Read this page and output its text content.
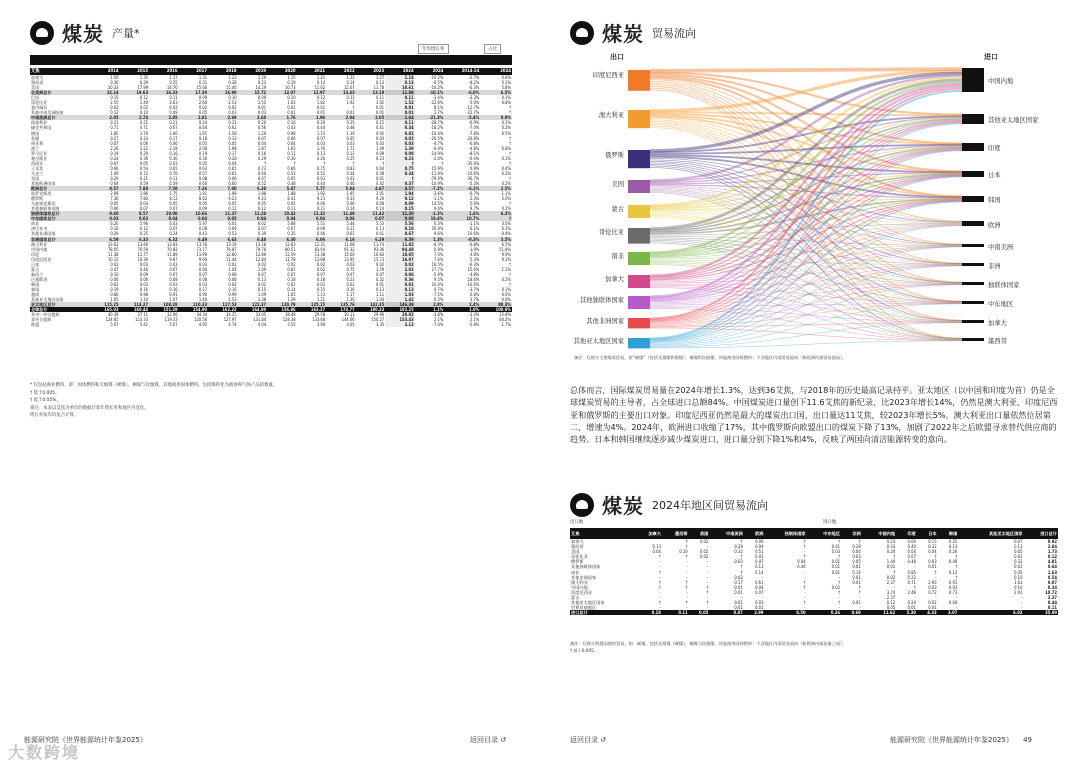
煤炭 产量*
年均增长率	占比
艾焦	2014	2015	2016	2017	2018	2019	2020	2021	2022	2023	2024	2024	2014-24	2024
加拿大	1.50	1.35	1.37	1.31	1.23	1.20	1.15	1.21	1.22	1.27	1.14	-10.2%	-2.7%	0.6%
墨西哥	0.30	0.29	0.25	0.31	0.28	0.23	0.19	0.14	0.14	0.13	0.13	-0.5%	-8.2%	0.1%
美国	20.33	17.99	14.70	15.66	15.40	14.29	10.73	11.62	12.07	11.78	10.61	-10.2%	-6.3%	5.8%
北美洲总计	22.14	19.63	16.33	17.30	16.90	15.72	12.07	12.97	13.43	13.18	11.88	-10.1%	-6.0%	6.5%
巴西	0.15	0.12	0.11	0.09	0.10	0.09	0.10	0.12	0.11	0.11	0.11	-3.4%	-3.3%	0.1%
哥伦比亚	2.55	2.49	2.63	2.64	2.53	2.55	1.63	1.82	1.92	1.92	1.52	-22.6%	-5.0%	0.8%
委内瑞拉	0.02	0.02	0.02	0.02	0.02	0.01	0.01	0.01	†	0.01	0.01	8.1%	-12.7%	†
其他中南美洲国家	0.12	0.10	0.09	0.05	0.03	0.03	0.01	0.01	0.01	0.01	0.01	2.7%	-22.7%	†
中南美洲总计	2.85	2.74	2.85	2.81	2.69	2.68	1.76	1.96	2.04	2.05	1.64	-21.3%	-5.4%	0.9%
保加利亚	0.21	0.25	0.21	0.24	0.21	0.20	0.16	0.20	0.25	0.15	0.11	-28.7%	-6.9%	0.1%
捷克共和国	0.71	0.71	0.67	0.64	0.62	0.56	0.43	0.44	0.48	0.41	0.34	-18.2%	-7.0%	0.2%
德国	1.85	1.79	1.66	1.65	1.58	1.29	0.98	1.15	1.19	0.92	0.82	-10.4%	-7.8%	0.5%
希腊	0.27	0.24	0.17	0.18	0.13	0.07	0.06	0.07	0.05	0.03	0.02	-20.5%	-20.8%	†
匈牙利	0.07	0.06	0.06	0.05	0.05	0.04	0.04	0.03	0.03	0.03	0.03	-4.7%	-6.8%	†
波兰	2.26	2.22	2.18	2.08	1.98	1.87	1.65	1.76	1.71	1.49	1.39	-6.9%	-4.8%	0.8%
罗马尼亚	0.19	0.20	0.16	0.19	0.17	0.16	0.11	0.13	0.12	0.09	0.08	-14.9%	-8.1%	†
塞尔维亚	0.24	0.30	0.30	0.30	0.28	0.29	0.30	0.26	0.25	0.23	0.23	-2.4%	-0.4%	0.1%
西班牙	0.07	0.05	0.03	0.05	0.04	†	†	†	†	†	†	†	-35.6%	†
土耳其	0.66	0.54	0.65	0.63	0.65	0.73	0.66	0.75	0.83	0.64	0.75	15.9%	0.9%	0.4%
乌克兰	1.09	0.72	0.76	0.57	0.61	0.60	0.53	0.52	0.34	0.38	0.34	-11.9%	-10.6%	0.2%
英国	0.29	0.21	0.11	0.08	0.06	0.07	0.05	0.03	0.01	0.01	†	-79.0%	-36.7%	†
其他欧洲国家	0.64	0.59	0.59	0.60	0.60	0.52	0.48	0.44	0.46	0.42	0.37	-10.9%	-5.3%	0.2%
欧洲总计	8.57	7.88	7.58	7.26	7.00	6.38	5.47	5.77	5.84	4.87	4.57	-7.2%	-6.1%	2.5%
哈萨克斯坦	2.09	1.86	1.75	1.91	1.98	1.88	1.88	1.92	1.95	2.01	1.94	-3.6%	-0.7%	1.1%
俄罗斯	7.30	7.80	8.12	8.62	9.23	9.23	8.41	9.23	9.33	9.20	9.12	-1.1%	2.3%	5.0%
乌兹别克斯坦	0.05	0.04	0.05	0.05	0.05	0.05	0.05	0.06	0.06	0.08	0.09	14.5%	5.6%	†
其他独联体国家	0.06	0.07	0.07	0.09	0.12	0.12	0.11	0.11	0.14	0.14	0.15	9.4%	9.7%	0.1%
独联体国家总计	9.60	9.57	10.00	10.66	11.37	11.28	10.42	11.32	11.49	11.42	11.30	-1.3%	1.6%	6.2%
中东国家总计	0.03	0.03	0.04	0.04	0.05	0.04	0.04	0.04	0.06	0.07	0.08	19.4%	10.7%	†
南非	6.20	5.96	6.03	5.97	6.01	6.02	5.88	5.51	5.44	5.53	5.56	0.3%	-1.1%	3.0%
津巴布韦	0.10	0.12	0.07	0.08	0.09	0.07	0.07	0.09	0.11	0.13	0.18	35.9%	6.1%	0.1%
其他非洲国家	0.29	0.25	0.24	0.43	0.53	0.39	0.35	0.46	0.61	0.61	0.67	9.6%	10.6%	0.4%
非洲国家总计	6.59	6.33	6.32	6.49	6.63	6.48	6.30	6.06	6.16	6.29	6.39	1.3%	-0.3%	3.5%
澳大利亚	13.61	13.60	12.83	13.56	13.16	13.18	12.83	12.31	11.68	11.74	11.82	-0.3%	-0.8%	6.5%
中国内地	78.05	76.59	70.82	73.17	76.87	79.76	80.51	83.64	91.32	93.36	94.48	0.9%	1.9%	51.8%
印度	11.38	11.77	11.89	11.99	12.80	12.80	12.59	13.38	15.00	16.83	18.05	7.0%	4.8%	9.9%
印度尼西亚	10.15	10.39	9.87	9.69	11.44	12.84	11.78	13.08	13.95	15.73	16.97	7.6%	5.3%	9.3%
日本	0.03	0.03	0.03	0.03	0.02	0.02	0.02	0.02	0.02	0.02	0.02	16.5%	-6.3%	†
蒙古	0.47	0.46	0.67	0.94	1.04	1.09	0.87	0.62	0.75	1.59	2.03	27.7%	15.6%	1.1%
新西兰	0.10	0.09	0.07	0.07	0.08	0.07	0.07	0.07	0.07	0.07	0.06	-5.9%	-4.8%	†
巴基斯坦	0.06	0.06	0.08	0.08	0.08	0.13	0.18	0.18	0.23	0.32	0.36	9.5%	18.6%	0.2%
韩国	0.03	0.03	0.03	0.03	0.02	0.02	0.02	0.02	0.02	0.01	0.01	16.0%	-10.6%	†
泰国	0.19	0.16	0.16	0.17	0.16	0.15	0.14	0.15	0.16	0.13	0.13	0.7%	-3.7%	0.1%
越南	0.86	0.98	0.91	0.90	0.99	1.09	1.05	1.13	1.17	1.11	1.03	-7.5%	0.8%	0.6%
其他亚太地区国家	1.05	1.10	1.07	1.40	1.53	1.38	1.39	1.21	1.30	1.43	1.42	0.5%	3.7%	0.8%
亚太地区总计	115.25	114.27	108.28	110.33	117.53	122.37	120.79	125.15	135.76	142.35	146.39	2.8%	2.4%	80.3%
全球总计	165.03	160.44	151.39	154.90	162.22	164.89	156.86	163.27	174.77	180.23	182.25	1.1%	1.0%	100.0%
其中：经合组织	40.39	37.11	32.06	34.34	34.25	33.05	28.48	29.58	30.11	29.96	28.82	-3.8%	-3.3%	15.8%
非经合组织	124.65	123.33	119.33	120.56	127.97	131.84	128.38	133.68	144.66	150.27	153.43	2.1%	2.1%	84.2%
欧盟	5.67	5.42	5.07	4.95	4.74	4.04	3.55	3.90	4.05	3.35	3.12	-7.0%	-5.8%	1.7%
* 仅包括商业燃料，即：固体燃料和无烟煤（硬煤），褐煤与次烟煤，其他商用固体燃料。包括煤转化为液体和气体产品的数量。
† 低于0.005。
† 低于0.05%。
备注：本表以艾焦为单位的数据计算年增长率和地区内变化。
增长率按年均复合计算。
能源研究院《世界能源统计年鉴2025》	返回目录 ↺
大数跨境
煤炭 贸易流向
出口	进口
印度尼西亚
澳大利亚
俄罗斯
美国
蒙古
哥伦比亚
南非
加拿大
其他独联体国家
其他非洲国家
其他亚太地区国家
中国内地
其他亚太地区国家
印度
日本
韩国
欧洲
中南美洲
非洲
独联体国家
中东地区
加拿大
墨西哥
备注：仅统计主要煤炭贸易，按“硬煤”（包括无烟煤和烟煤）、褐煤和次烟煤、其他商用固体燃料；不含地区内部贸易流向（如欧洲内部贸易流向）。
总体而言，国际煤炭贸易量在2024年增长1.3%，达到36艾焦，与2018年的历史最高记录持平。亚太地区（以中国和印度为首）仍是全球煤炭贸易的主导者，占全球进口总额84%。中国煤炭进口量创下11.6艾焦的新纪录，比2023年增长14%，仍然是澳大利亚、印度尼西亚和俄罗斯的主要出口对象。印度尼西亚仍然是最大的煤炭出口国，出口量达11艾焦，较2023年增长5%。澳大利亚出口量依然位居第二，增速为4%。2024年，欧洲进口收缩了17%，其中俄罗斯向欧盟出口的煤炭下降了13%，加剧了2022年之后欧盟寻求替代供应商的趋势。日本和韩国继续逐步减少煤炭进口，进口量分别下降1%和4%，反映了两国向清洁能源转变的意向。
煤炭 2024年地区间贸易流向
出口地	进口地
艾焦	加拿大	墨西哥	美国	中南美洲	欧洲	独联体国家	中东地区	非洲	中国内地	印度	日本	韩国	其他亚太地区国家	进口总计
加拿大		†	0.02	†	0.06	†	†	†	0.23	0.04	0.15	0.25	0.07	0.92
墨西哥	0.13	†	-	0.29	0.04	†	0.01	0.28	0.33	0.40	0.32	0.13	0.13	2.84
美国	0.04	0.10	0.02	0.32	0.51	-	0.03	0.04	0.20	0.04	0.04	0.26	0.05	1.73
哥伦比亚	†	†	0.02	†	0.01	†	†	0.03	†	0.07	†	†	0.01	0.12
俄罗斯	-	-	-	0.03	0.07	0.04	0.01	0.05	1.49	0.48	0.03	0.49	0.32	4.81
其他独联体国家	-	-	-	†	0.13	0.46	0.01	0.01	0.01	-	0.01	†	0.02	0.64
南非	†	-	-	†	0.14	-	0.01	0.14	†	0.85	†	0.12	0.35	1.63
其他非洲国家	-	-	-	0.02	-	-	-	0.01	0.02	0.22	-	†	0.10	0.54
澳大利亚	†	†	-	0.17	0.61	†	†	0.01	2.37	0.71	2.93	0.91	1.63	9.07
中国内地	†	†	†	0.01	0.04	†	0.02	†	-	†	0.03	0.03	0.10	0.34
印度尼西亚	-	-	†	0.01	0.07	-	†	†	3.74	2.48	0.72	0.73	2.91	10.72
蒙古	-	-	-	-	-	-	-	-	2.37	-	-	-	-	2.37
其他亚太地区国家	†	†	†	0.01	0.03	†	†	0.01	0.12	0.24	0.02	0.04	-	0.44
世界其他地区	-	-	-	0.01	0.01	-	-	-	0.05	0.01	0.01	-	-	0.11
进口总计	0.18	0.11	0.05	0.87	2.99	0.50	0.26	0.69	11.62	5.30	4.33	3.07	6.02	35.99
备注：仅统计跨越国境的贸易，如：硬煤，包括无烟煤（硬煤），褐煤与次烟煤，其他商用固体燃料；不含地区内部贸易流向（如欧洲内部流量之间）。
† 低于0.005。
返回目录 ↺	能源研究院《世界能源统计年鉴2025》 49
